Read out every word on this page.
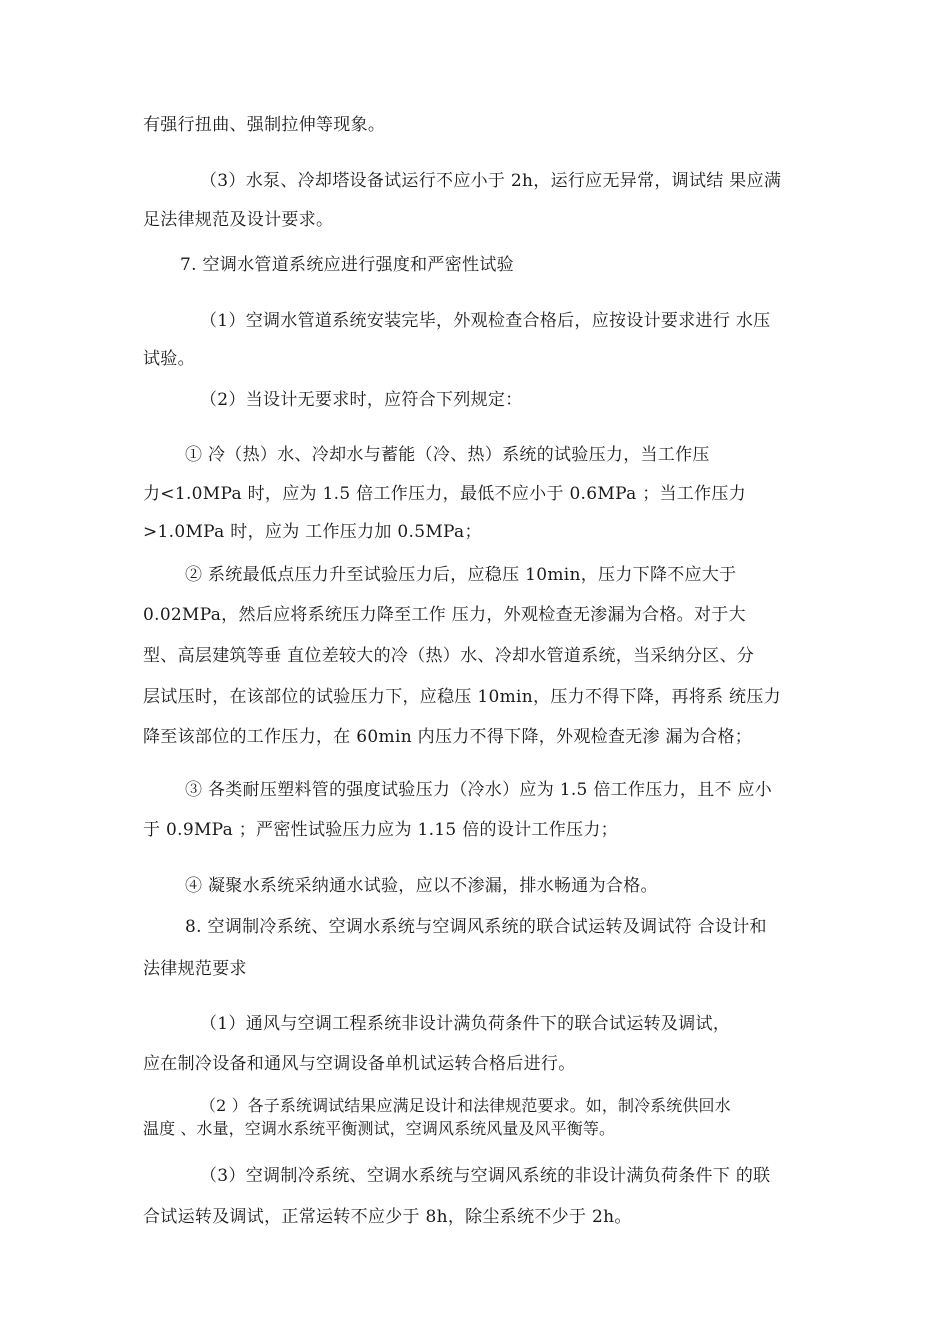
有强行扭曲、强制拉伸等现象。
（3）水泵、冷却塔设备试运行不应小于 2h，运行应无异常，调试结 果应满
足法律规范及设计要求。
7. 空调水管道系统应进行强度和严密性试验
（1）空调水管道系统安装完毕，外观检查合格后，应按设计要求进行 水压
试验。
（2）当设计无要求时，应符合下列规定：
① 冷（热）水、冷却水与蓄能（冷、热）系统的试验压力，当工作压
力<1.0MPa 时，应为 1.5 倍工作压力，最低不应小于 0.6MPa ；当工作压力
>1.0MPa 时，应为 工作压力加 0.5MPa；
② 系统最低点压力升至试验压力后，应稳压 10min，压力下降不应大于
0.02MPa，然后应将系统压力降至工作 压力，外观检查无渗漏为合格。对于大
型、高层建筑等垂 直位差较大的冷（热）水、冷却水管道系统，当采纳分区、分
层试压时，在该部位的试验压力下，应稳压 10min，压力不得下降，再将系 统压力
降至该部位的工作压力，在 60min 内压力不得下降，外观检查无渗 漏为合格；
③ 各类耐压塑料管的强度试验压力（冷水）应为 1.5 倍工作压力，且不 应小
于 0.9MPa ；严密性试验压力应为 1.15 倍的设计工作压力；
④ 凝聚水系统采纳通水试验，应以不渗漏，排水畅通为合格。
8. 空调制冷系统、空调水系统与空调风系统的联合试运转及调试符 合设计和
法律规范要求
（1）通风与空调工程系统非设计满负荷条件下的联合试运转及调试，
应在制冷设备和通风与空调设备单机试运转合格后进行。
（2 ）各子系统调试结果应满足设计和法律规范要求。如，制冷系统供回水
温度 、水量，空调水系统平衡测试，空调风系统风量及风平衡等。
（3）空调制冷系统、空调水系统与空调风系统的非设计满负荷条件下 的联
合试运转及调试，正常运转不应少于 8h，除尘系统不少于 2h。
